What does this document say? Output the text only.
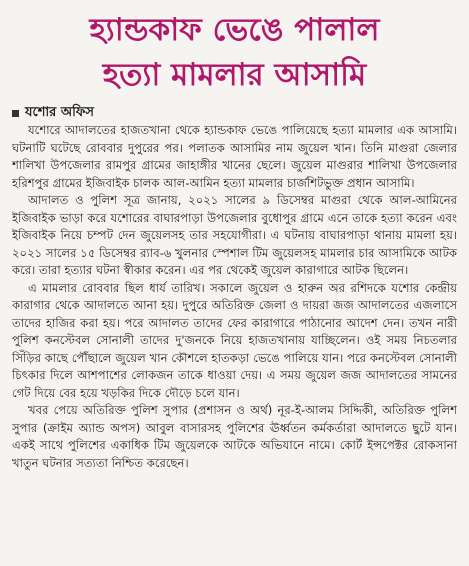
হ্যান্ডকাফ ভেঙে পালাল
হত্যা মামলার আসামি
যশোর অফিস

যশোরে আদালতের হাজতখানা থেকে হ্যান্ডকাফ ভেঙে পালিয়েছে হত্যা মামলার এক আসামি। ঘটনাটি ঘটেছে রোববার দুপুরের পর। পলাতক আসামির নাম জুয়েল খান। তিনি মাগুরা জেলার শালিখা উপজেলার রামপুর গ্রামের জাহাঙ্গীর খানের ছেলে। জুয়েল মাগুরার শালিখা উপজেলার হরিশপুর গ্রামের ইজিবাইক চালক আল-আমিন হত্যা মামলার চার্জশিটভুক্ত প্রধান আসামি।

আদালত ও পুলিশ সূত্র জানায়, ২০২১ সালের ৯ ডিসেম্বর মাগুরা থেকে আল-আমিনের ইজিবাইক ভাড়া করে যশোরের বাঘারপাড়া উপজেলার বুধোপুর গ্রামে এনে তাকে হত্যা করেন এবং ইজিবাইক নিয়ে চম্পট দেন জুয়েলসহ তার সহযোগীরা। এ ঘটনায় বাঘারপাড়া থানায় মামলা হয়। ২০২১ সালের ১৫ ডিসেম্বর র‍্যাব-৬ খুলনার স্পেশাল টিম জুয়েলসহ মামলার চার আসামিকে আটক করে। তারা হত্যার ঘটনা স্বীকার করেন। এর পর থেকেই জুয়েল কারাগারে আটক ছিলেন।

এ মামলার রোববার ছিল ধার্য তারিখ। সকালে জুয়েল ও হারুন অর রশিদকে যশোর কেন্দ্রীয় কারাগার থেকে আদালতে আনা হয়। দুপুরে অতিরিক্ত জেলা ও দায়রা জজ আদালতের এজলাসে তাদের হাজির করা হয়। পরে আদালত তাদের ফের কারাগারে পাঠানোর আদেশ দেন। তখন নারী পুলিশ কনস্টেবল সোনালী তাদের দু'জনকে নিয়ে হাজতখানায় যাচ্ছিলেন। ওই সময় নিচতলার সিঁড়ির কাছে পৌঁছালে জুয়েল খান কৌশলে হাতকড়া ভেঙে পালিয়ে যান। পরে কনস্টেবল সোনালী চিৎকার দিলে আশপাশের লোকজন তাকে ধাওয়া দেয়। এ সময় জুয়েল জজ আদালতের সামনের গেট দিয়ে বের হয়ে খড়কির দিকে দৌড়ে চলে যান।

খবর পেয়ে অতিরিক্ত পুলিশ সুপার (প্রশাসন ও অর্থ) নূর-ই-আলম সিদ্দিকী, অতিরিক্ত পুলিশ সুপার (ক্রাইম অ্যান্ড অপস) আবুল বাসারসহ পুলিশের ঊর্ধ্বতন কর্মকর্তারা আদালতে ছুটে যান। একই সাথে পুলিশের একাধিক টিম জুয়েলকে আটকে অভিযানে নামে। কোর্ট ইন্সপেক্টর রোকসানা খাতুন ঘটনার সত্যতা নিশ্চিত করেছেন।
